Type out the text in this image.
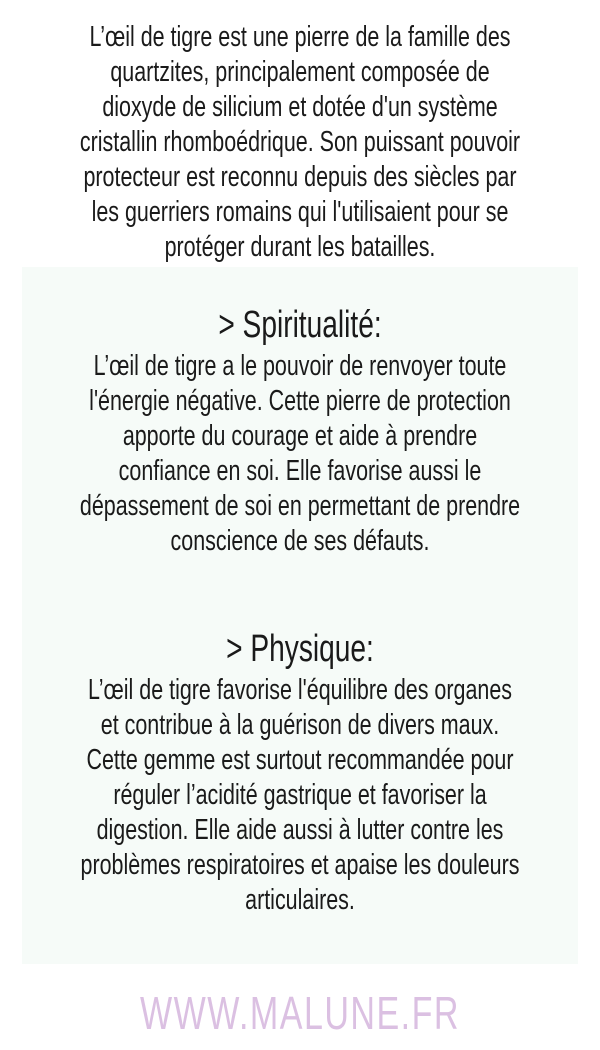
L’œil de tigre est une pierre de la famille des quartzites, principalement composée de dioxyde de silicium et dotée d'un système cristallin rhomboédrique. Son puissant pouvoir protecteur est reconnu depuis des siècles par les guerriers romains qui l'utilisaient pour se protéger durant les batailles.
> Spiritualité:
L’œil de tigre a le pouvoir de renvoyer toute l'énergie négative. Cette pierre de protection apporte du courage et aide à prendre confiance en soi. Elle favorise aussi le dépassement de soi en permettant de prendre conscience de ses défauts.
> Physique:
L’œil de tigre favorise l'équilibre des organes et contribue à la guérison de divers maux. Cette gemme est surtout recommandée pour réguler l’acidité gastrique et favoriser la digestion. Elle aide aussi à lutter contre les problèmes respiratoires et apaise les douleurs articulaires.
WWW.MALUNE.FR
